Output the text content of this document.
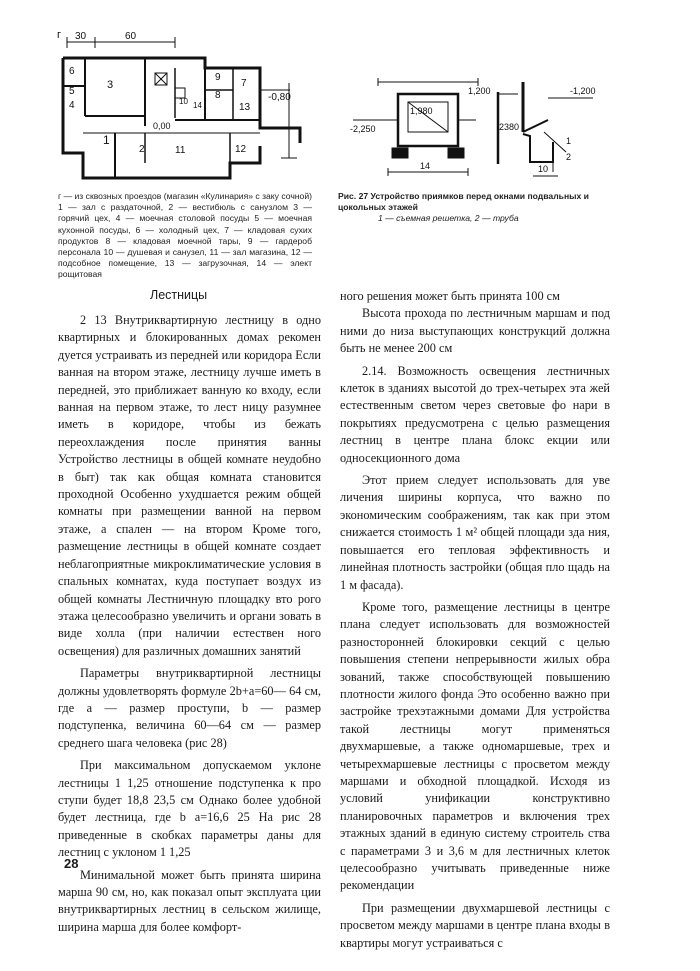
г 30	60
-0,80
0,00
1
2
3
4
5
6
7
8
9
10
11	12
13
14
1,200	-1,200
1,980
-2,250	2380
14	10
1
2
г — из сквозных проездов (магазин «Кулинария» с заку сочной) 1 — зал с раздаточной, 2 — вестибюль с санузлом 3 — горячий цех, 4 — моечная столовой посуды 5 — моечная кухонной посуды, 6 — холодный цех, 7 — кладовая сухих продуктов 8 — кладовая моечной тары, 9 — гардероб персонала 10 — душевая и санузел, 11 — зал магазина, 12 — подсобное помещение, 13 — загрузочная, 14 — элект рощитовая
Рис. 27 Устройство приямков перед окнами подвальных и цокольных этажей
1 — съемная решетка, 2 — труба
Лестницы

2 13 Внутриквартирную лестницу в одно квартирных и блокированных домах рекомен дуется устраивать из передней или коридора Если ванная на втором этаже, лестницу лучше иметь в передней, это приближает ванную ко входу, если ванная на первом этаже, то лест ницу разумнее иметь в коридоре, чтобы из бежать переохлаждения после принятия ванны Устройство лестницы в общей комнате неудобно в быт) так как общая комната становится проходной Особенно ухудшается режим общей комнаты при размещении ванной на первом этаже, а спален — на втором Кроме того, размещение лестницы в общей комнате создает неблагоприятные микроклиматические условия в спальных комнатах, куда поступает воздух из общей комнаты Лестничную площадку вто рого этажа целесообразно увеличить и органи зовать в виде холла (при наличии естествен ного освещения) для различных домашних занятий

Параметры внутриквартирной лестницы должны удовлетворять формуле 2b+a=60— 64 см, где a — размер проступи, b — размер подступенка, величина 60—64 см — размер среднего шага человека (рис 28)

При максимальном допускаемом уклоне лестницы 1 1,25 отношение подступенка к про ступи будет 18,8 23,5 см Однако более удобной будет лестница, где b a=16,6 25 На рис 28 приведенные в скобках параметры даны для лестниц с уклоном 1 1,25

Минимальной может быть принята ширина марша 90 см, но, как показал опыт эксплуата ции внутриквартирных лестниц в сельском жилище, ширина марша для более комфорт-

ного решения может быть принята 100 см

Высота прохода по лестничным маршам и под ними до низа выступающих конструкций должна быть не менее 200 см

2.14. Возможность освещения лестничных клеток в зданиях высотой до трех-четырех эта жей естественным светом через световые фо нари в покрытиях предусмотрена с целью размещения лестниц в центре плана блокс екции или односекционного дома

Этот прием следует использовать для уве личения ширины корпуса, что важно по экономическим соображениям, так как при этом снижается стоимость 1 м² общей площади зда ния, повышается его тепловая эффективность и линейная плотность застройки (общая пло щадь на 1 м фасада).

Кроме того, размещение лестницы в центре плана следует использовать для возможностей разносторонней блокировки секций с целью повышения степени непрерывности жилых обра зований, также способствующей повышению плотности жилого фонда Это особенно важно при застройке трехэтажными домами Для устройства такой лестницы могут применяться двухмаршевые, а также одномаршевые, трех и четырехмаршевые лестницы с просветом между маршами и обходной площадкой. Исходя из условий унификации конструктивно планировочных параметров и включения трех этажных зданий в единую систему строитель ства с параметрами 3 и 3,6 м для лестничных клеток целесообразно учитывать приведенные ниже рекомендации

При размещении двухмаршевой лестницы с просветом между маршами в центре плана входы в квартиры могут устраиваться с

28
